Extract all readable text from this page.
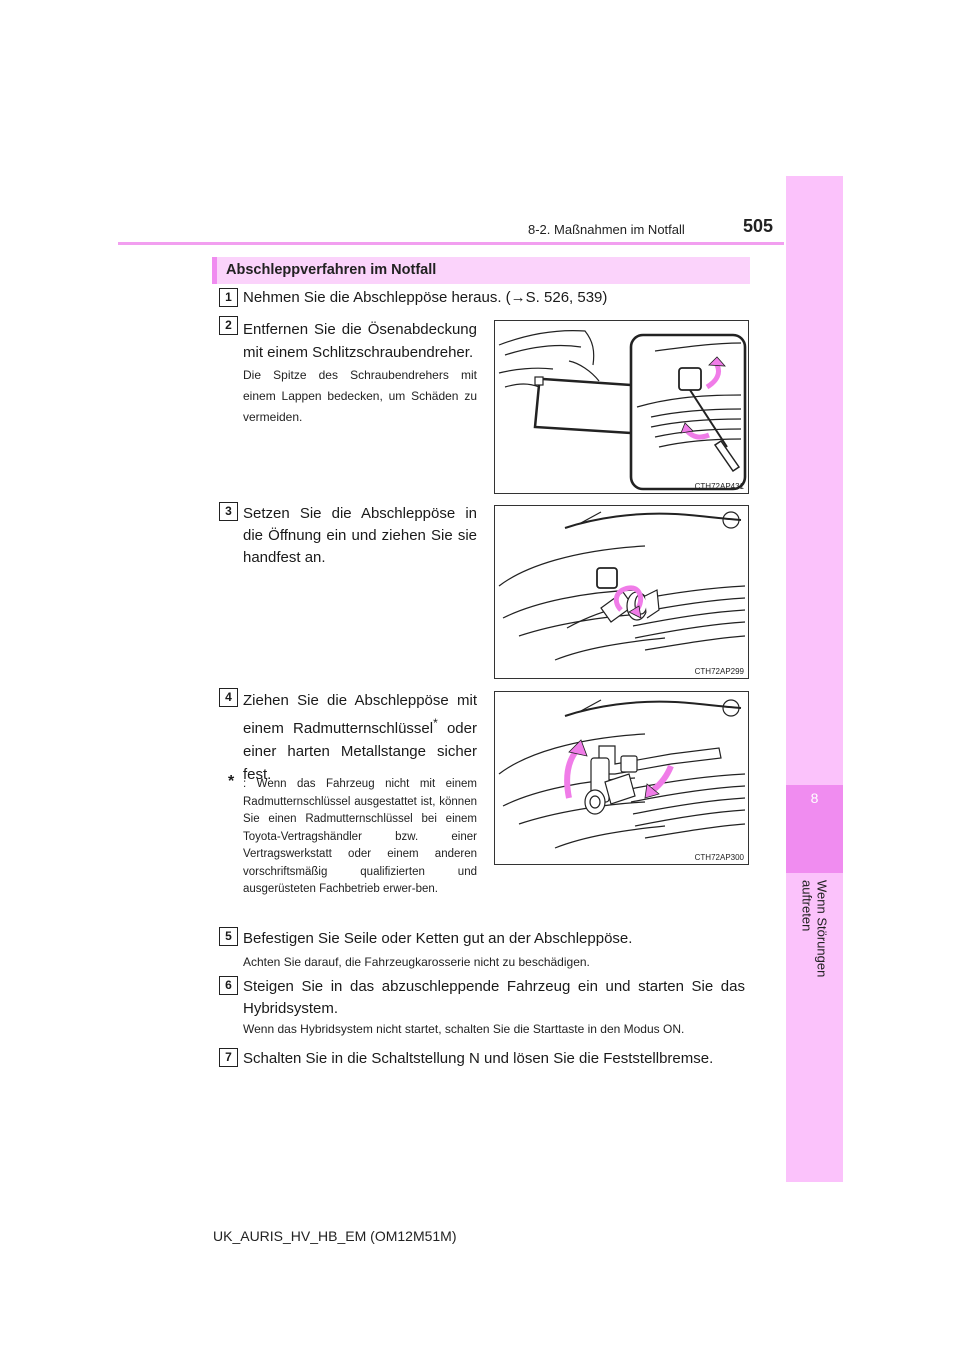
8-2. Maßnahmen im Notfall	505
8
Wenn Störungen auftreten
Abschleppverfahren im Notfall
1 Nehmen Sie die Abschleppöse heraus. (→S. 526, 539)
2 Entfernen Sie die Ösenabdeckung mit einem Schlitzschraubendreher.
Die Spitze des Schraubendrehers mit einem Lappen bedecken, um Schäden zu vermeiden.
CTH72AP431
3 Setzen Sie die Abschleppöse in die Öffnung ein und ziehen Sie sie handfest an.
CTH72AP299
4 Ziehen Sie die Abschleppöse mit einem Radmutternschlüssel* oder einer harten Metallstange sicher fest.
* : Wenn das Fahrzeug nicht mit einem Radmutternschlüssel ausgestattet ist, können Sie einen Radmutternschlüssel bei einem Toyota-Vertragshändler bzw. einer Vertragswerkstatt oder einem anderen vorschriftsmäßig qualifizierten und ausgerüsteten Fachbetrieb erwer-ben.
CTH72AP300
5 Befestigen Sie Seile oder Ketten gut an der Abschleppöse.
Achten Sie darauf, die Fahrzeugkarosserie nicht zu beschädigen.
6 Steigen Sie in das abzuschleppende Fahrzeug ein und starten Sie das Hybridsystem.
Wenn das Hybridsystem nicht startet, schalten Sie die Starttaste in den Modus ON.
7 Schalten Sie in die Schaltstellung N und lösen Sie die Feststellbremse.
UK_AURIS_HV_HB_EM (OM12M51M)
